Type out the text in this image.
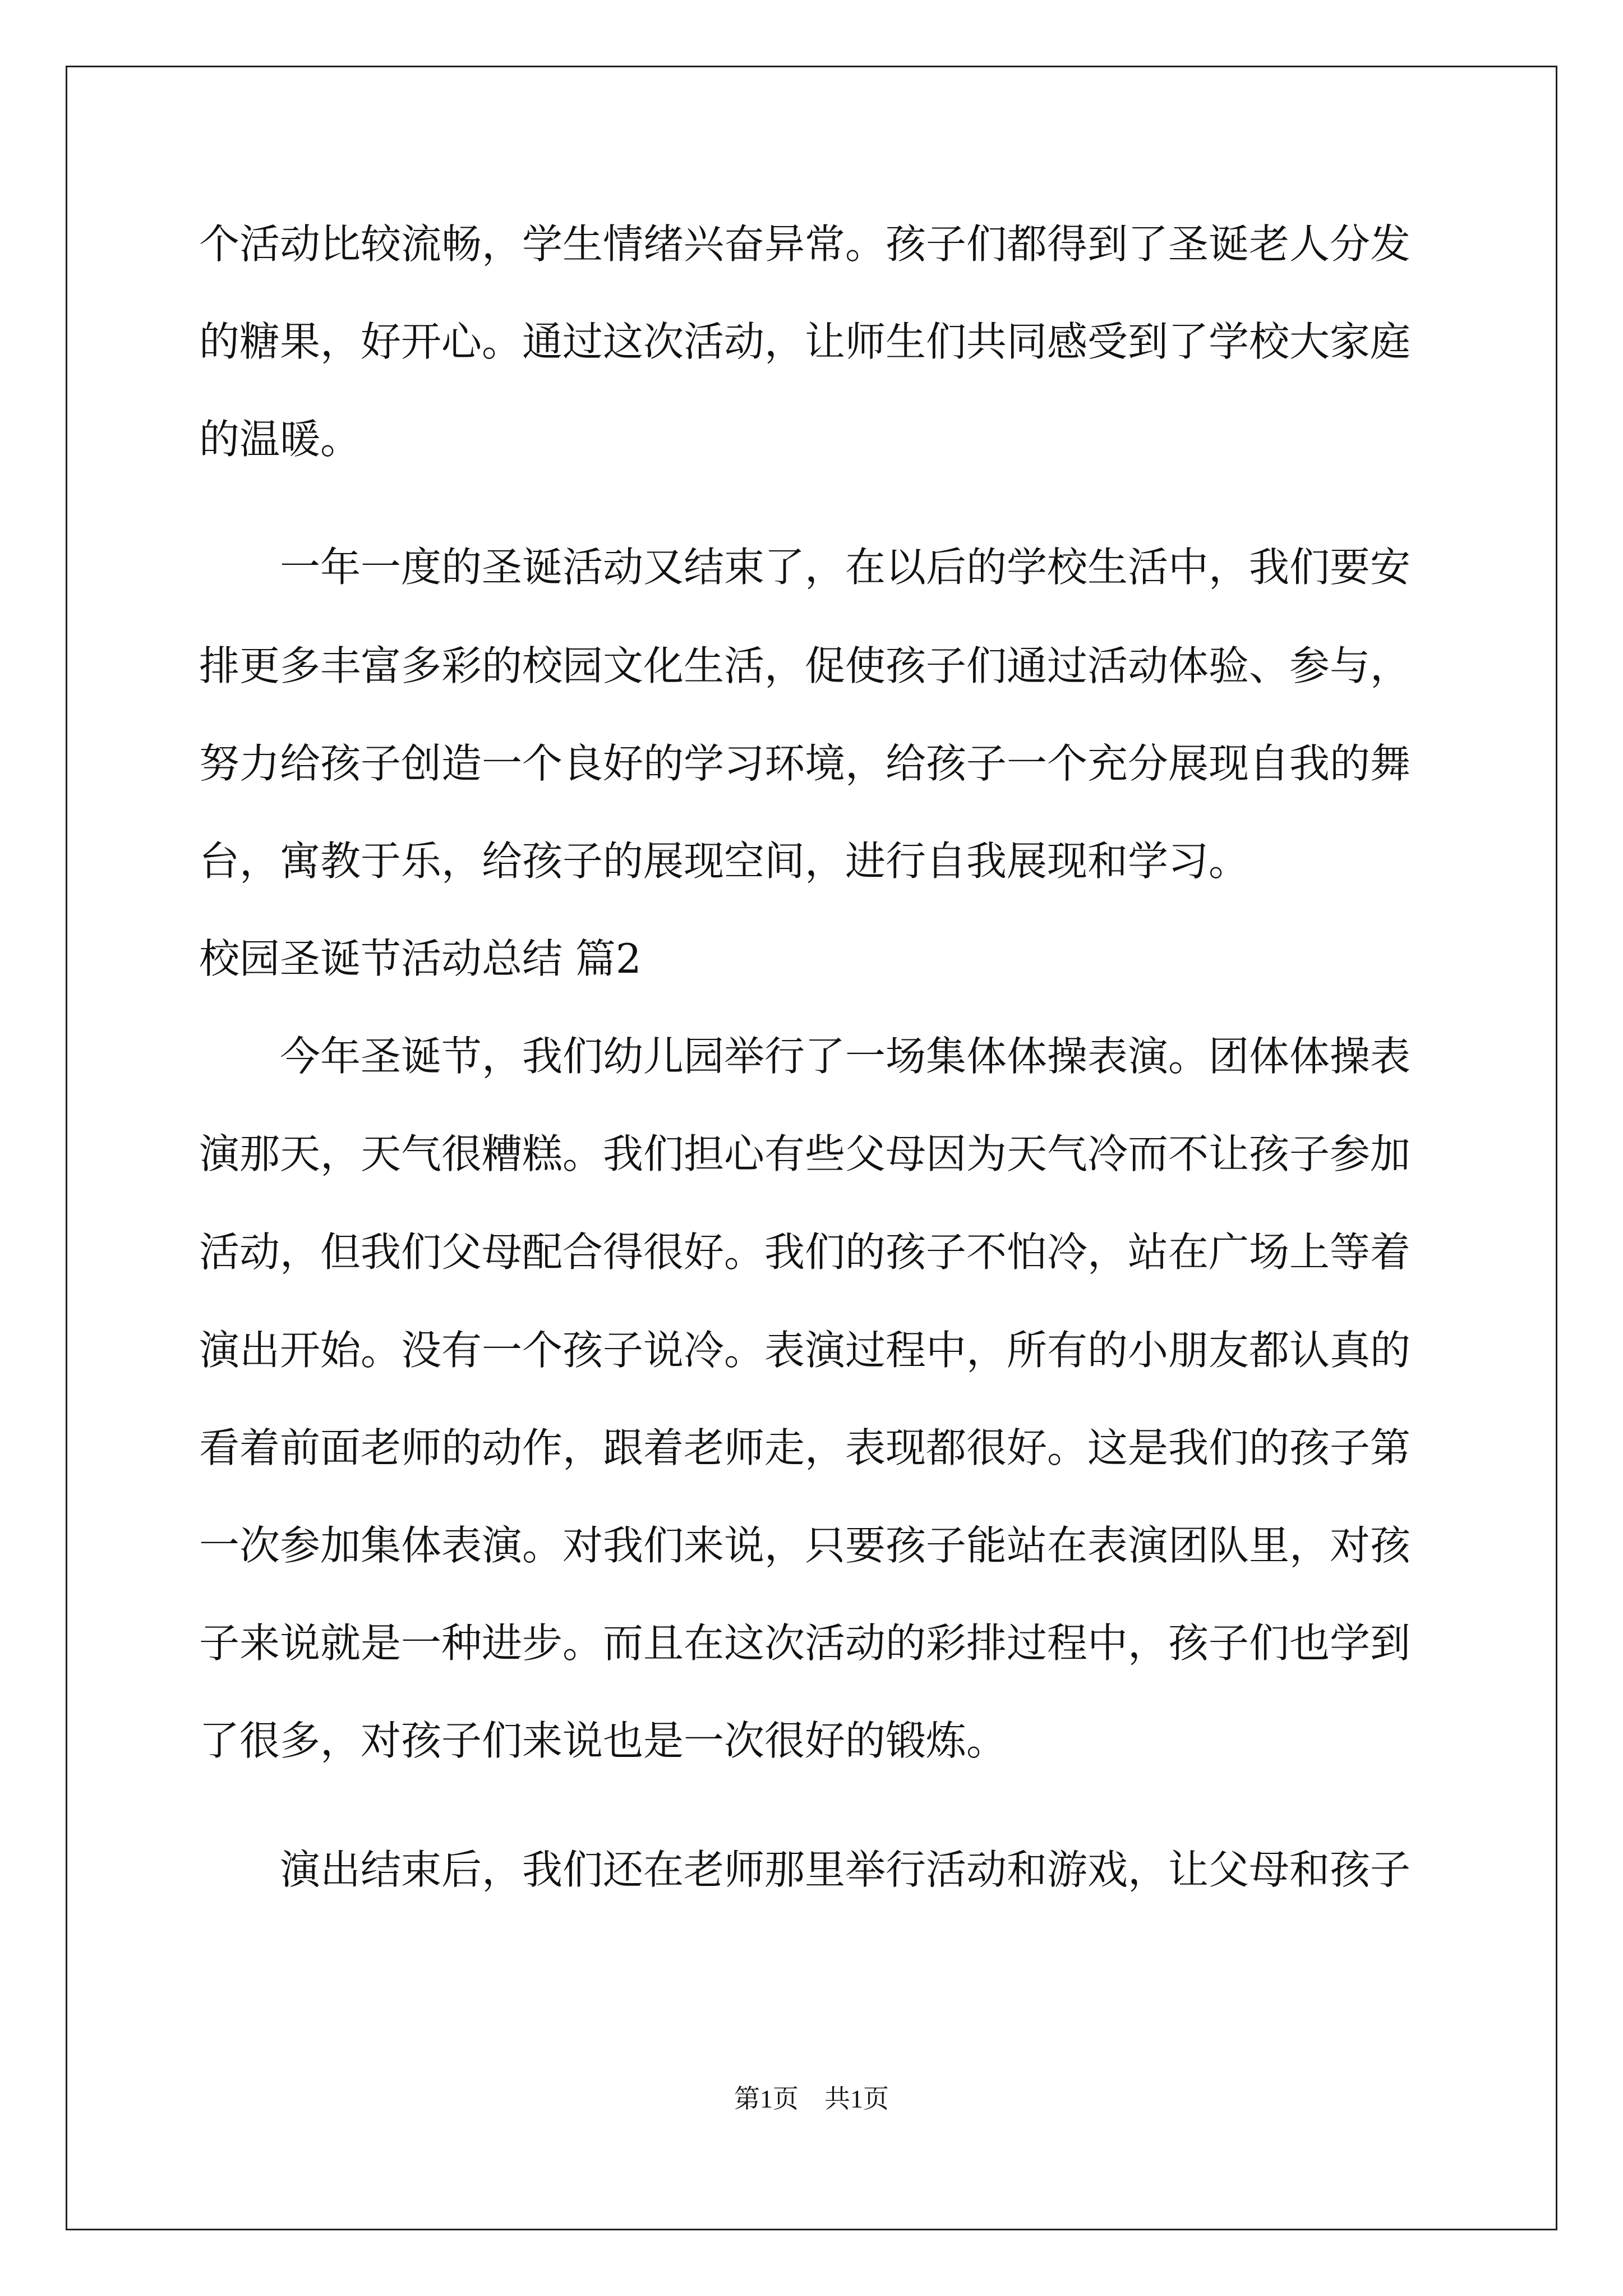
个活动比较流畅，学生情绪兴奋异常。孩子们都得到了圣诞老人分发
的糖果，好开心。通过这次活动，让师生们共同感受到了学校大家庭
的温暖。
　　一年一度的圣诞活动又结束了，在以后的学校生活中，我们要安
排更多丰富多彩的校园文化生活，促使孩子们通过活动体验、参与，
努力给孩子创造一个良好的学习环境，给孩子一个充分展现自我的舞
台，寓教于乐，给孩子的展现空间，进行自我展现和学习。
校园圣诞节活动总结 篇2
　　今年圣诞节，我们幼儿园举行了一场集体体操表演。团体体操表
演那天，天气很糟糕。我们担心有些父母因为天气冷而不让孩子参加
活动，但我们父母配合得很好。我们的孩子不怕冷，站在广场上等着
演出开始。没有一个孩子说冷。表演过程中，所有的小朋友都认真的
看着前面老师的动作，跟着老师走，表现都很好。这是我们的孩子第
一次参加集体表演。对我们来说，只要孩子能站在表演团队里，对孩
子来说就是一种进步。而且在这次活动的彩排过程中，孩子们也学到
了很多，对孩子们来说也是一次很好的锻炼。
　　演出结束后，我们还在老师那里举行活动和游戏，让父母和孩子
第1页　共1页
